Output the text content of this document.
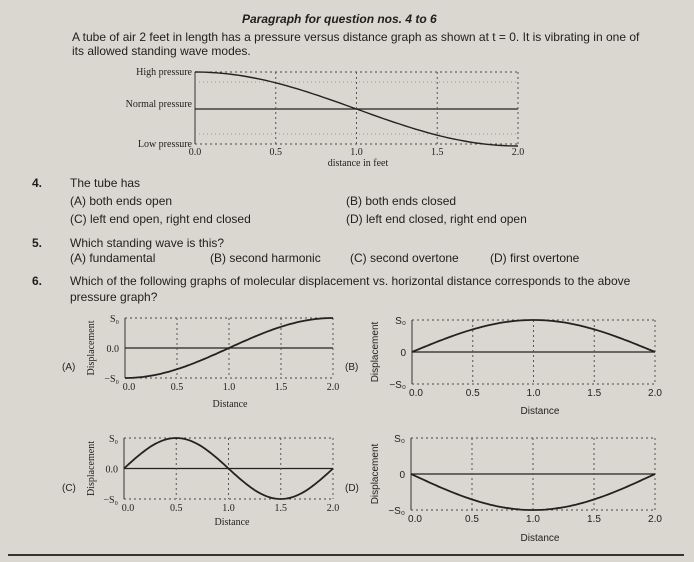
Paragraph for question nos. 4 to 6
A tube of air 2 feet in length has a pressure versus distance graph as shown at t = 0. It is vibrating in one of
its allowed standing wave modes.
High pressure
Normal pressure
Low pressure
distance in feet
0.0	0.5	1.0	1.5	2.0
4. The tube has
(A) both ends open	(B) both ends closed
(C) left end open, right end closed	(D) left end closed, right end open
5. Which standing wave is this?
(A) fundamental	(B) second harmonic (C) second overtone	(D) first overtone
6. Which of the following graphs of molecular displacement vs. horizontal distance corresponds to the above
pressure graph?
(A) Displacement
S₀
0.0
−S₀
0.0	0.5	1.0	1.5	2.0
Distance
(B) Displacement
S₀
0
−S₀
0.0	0.5	1.0	1.5	2.0
Distance
(C) Displacement
S₀
0.0
−S₀
0.0	0.5	1.0	1.5	2.0
Distance
(D) Displacement
S₀
0
−S₀
0.0	0.5	1.0	1.5	2.0
Distance
